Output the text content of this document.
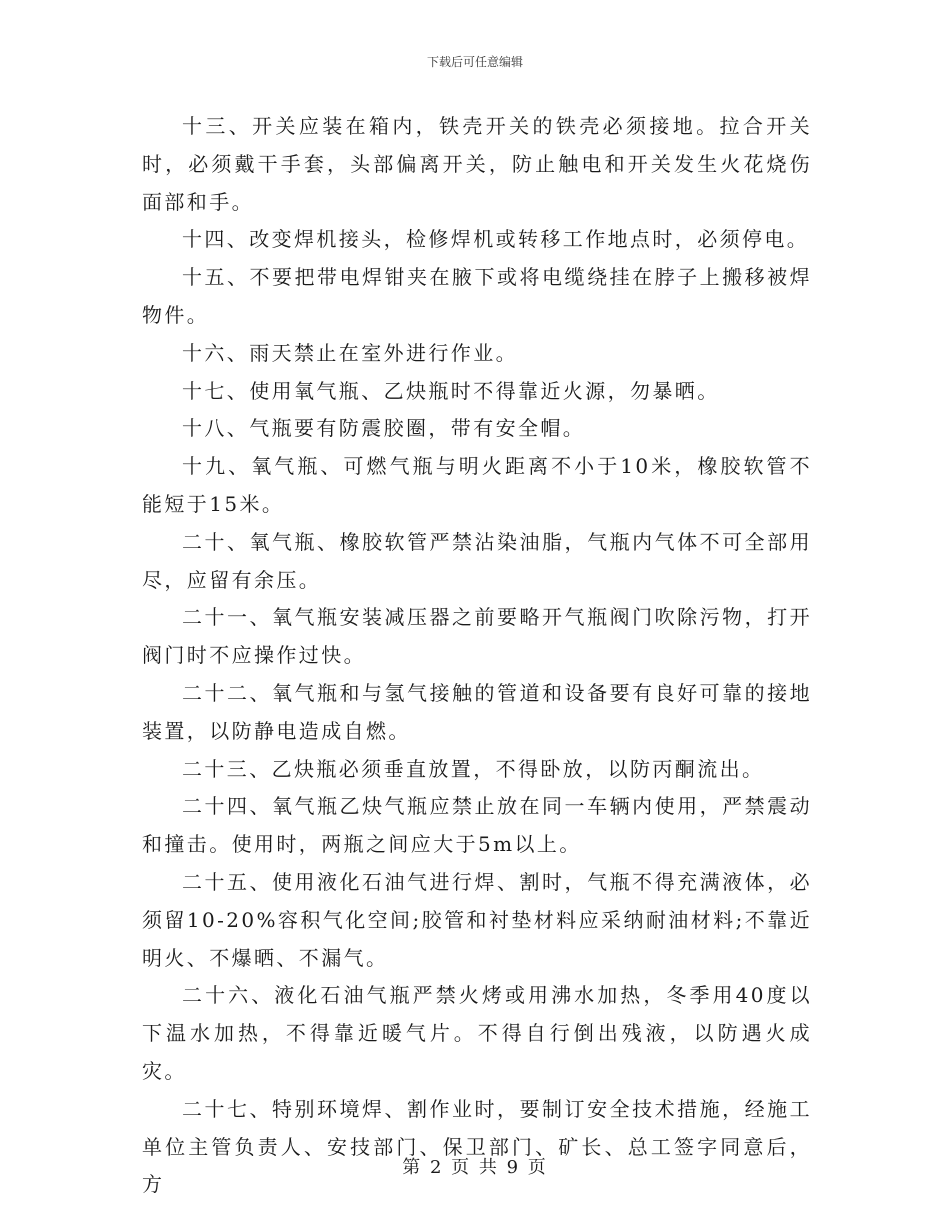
下载后可任意编辑

十三、开关应装在箱内，铁壳开关的铁壳必须接地。拉合开关时，必须戴干手套，头部偏离开关，防止触电和开关发生火花烧伤面部和手。

十四、改变焊机接头，检修焊机或转移工作地点时，必须停电。

十五、不要把带电焊钳夹在腋下或将电缆绕挂在脖子上搬移被焊物件。

十六、雨天禁止在室外进行作业。

十七、使用氧气瓶、乙炔瓶时不得靠近火源，勿暴晒。

十八、气瓶要有防震胶圈，带有安全帽。

十九、氧气瓶、可燃气瓶与明火距离不小于10米，橡胶软管不能短于15米。

二十、氧气瓶、橡胶软管严禁沾染油脂，气瓶内气体不可全部用尽，应留有余压。

二十一、氧气瓶安装减压器之前要略开气瓶阀门吹除污物，打开阀门时不应操作过快。

二十二、氧气瓶和与氢气接触的管道和设备要有良好可靠的接地装置，以防静电造成自燃。

二十三、乙炔瓶必须垂直放置，不得卧放，以防丙酮流出。

二十四、氧气瓶乙炔气瓶应禁止放在同一车辆内使用，严禁震动和撞击。使用时，两瓶之间应大于5m以上。

二十五、使用液化石油气进行焊、割时，气瓶不得充满液体，必须留10-20%容积气化空间;胶管和衬垫材料应采纳耐油材料;不靠近明火、不爆晒、不漏气。

二十六、液化石油气瓶严禁火烤或用沸水加热，冬季用40度以下温水加热，不得靠近暖气片。不得自行倒出残液，以防遇火成灾。

二十七、特别环境焊、割作业时，要制订安全技术措施，经施工单位主管负责人、安技部门、保卫部门、矿长、总工签字同意后，方

第 2 页 共 9 页
